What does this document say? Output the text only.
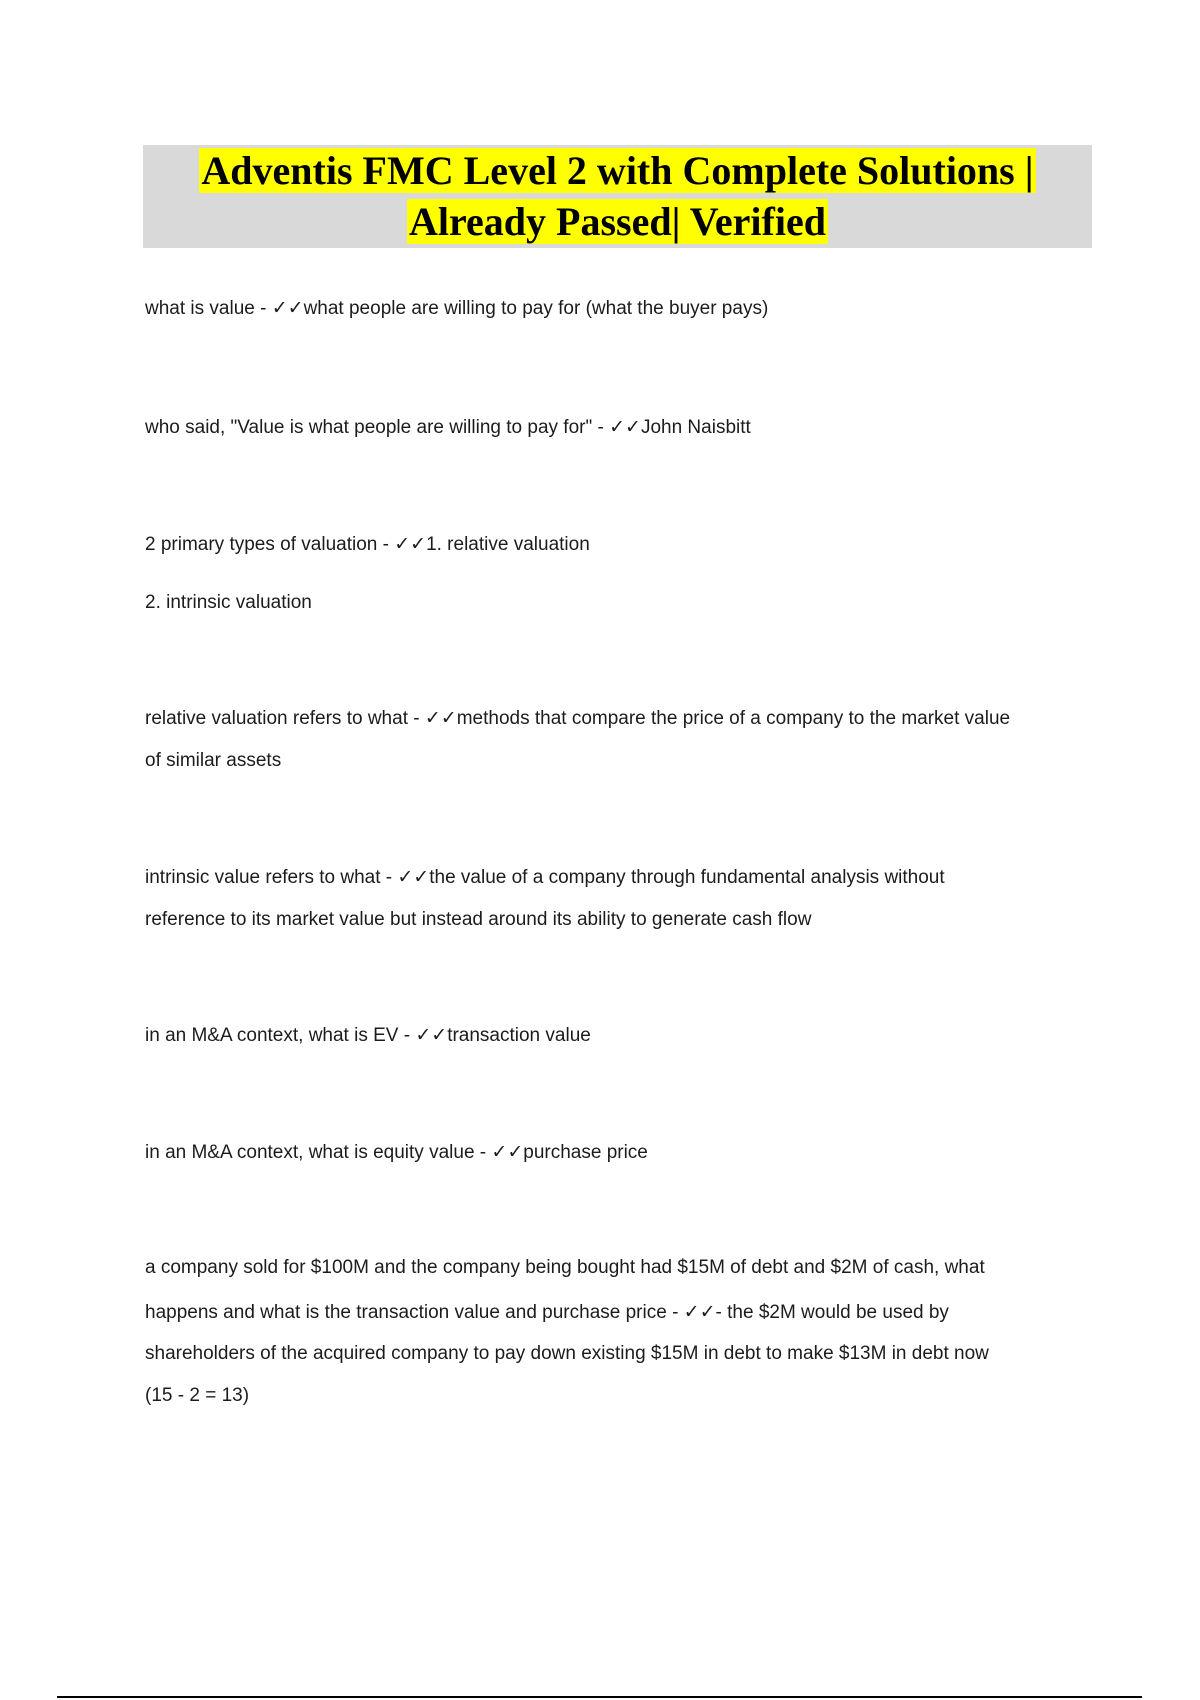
Adventis FMC Level 2 with Complete Solutions |
Already Passed| Verified
what is value - ✓✓what people are willing to pay for (what the buyer pays)
who said, "Value is what people are willing to pay for" - ✓✓John Naisbitt
2 primary types of valuation - ✓✓1. relative valuation
2. intrinsic valuation
relative valuation refers to what - ✓✓methods that compare the price of a company to the market value
of similar assets
intrinsic value refers to what - ✓✓the value of a company through fundamental analysis without
reference to its market value but instead around its ability to generate cash flow
in an M&A context, what is EV - ✓✓transaction value
in an M&A context, what is equity value - ✓✓purchase price
a company sold for $100M and the company being bought had $15M of debt and $2M of cash, what
happens and what is the transaction value and purchase price - ✓✓- the $2M would be used by
shareholders of the acquired company to pay down existing $15M in debt to make $13M in debt now
(15 - 2 = 13)
